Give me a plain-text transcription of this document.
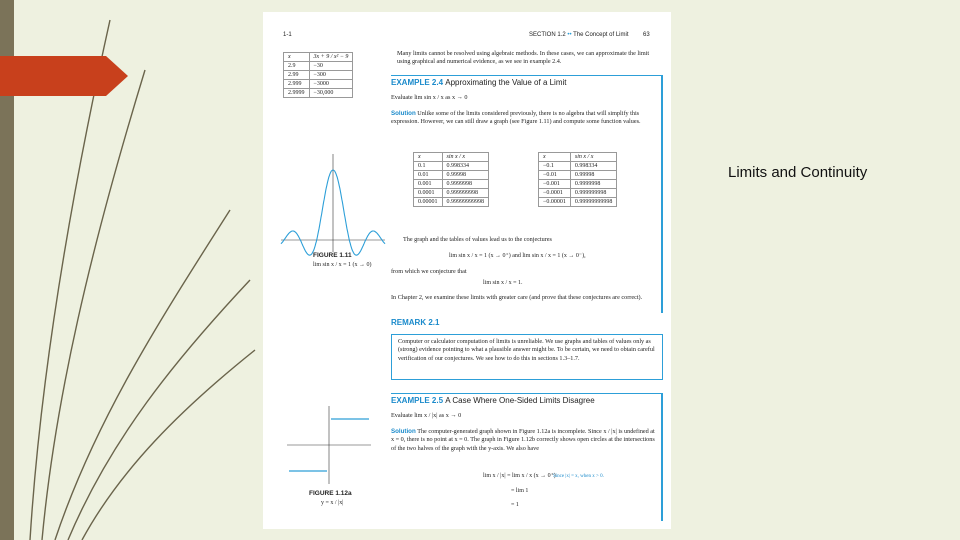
Limits and Continuity
1-1	SECTION 1.2 •• The Concept of Limit 63
x	3x + 9 / x² − 9
2.9	−30
2.99	−300
2.999	−3000
2.9999	−30,000
Many limits cannot be resolved using algebraic methods. In these cases, we can approximate the limit using graphical and numerical evidence, as we see in example 2.4.
EXAMPLE 2.4 Approximating the Value of a Limit
Evaluate lim sin x / x as x → 0
Solution Unlike some of the limits considered previously, there is no algebra that will simplify this expression. However, we can still draw a graph (see Figure 1.11) and compute some function values.
x	sin x / x
0.1	0.998334
0.01	0.99998
0.001	0.9999998
0.0001	0.999999998
0.00001	0.99999999998
x	sin x / x
−0.1	0.998334
−0.01	0.99998
−0.001	0.9999998
−0.0001	0.999999998
−0.00001	0.99999999998
FIGURE 1.11
lim sin x / x = 1 (x → 0)
The graph and the tables of values lead us to the conjectures
lim sin x / x = 1 (x → 0⁺) and lim sin x / x = 1 (x → 0⁻),
from which we conjecture that
lim sin x / x = 1.
In Chapter 2, we examine these limits with greater care (and prove that these conjectures are correct).
REMARK 2.1
Computer or calculator computation of limits is unreliable. We use graphs and tables of values only as (strong) evidence pointing to what a plausible answer might be. To be certain, we need to obtain careful verification of our conjectures. We see how to do this in sections 1.3–1.7.
EXAMPLE 2.5 A Case Where One-Sided Limits Disagree
Evaluate lim x / |x| as x → 0
Solution The computer-generated graph shown in Figure 1.12a is incomplete. Since x / |x| is undefined at x = 0, there is no point at x = 0. The graph in Figure 1.12b correctly shows open circles at the intersections of the two halves of the graph with the y-axis. We also have
lim x / |x| = lim x / x (x → 0⁺)
= lim 1
= 1
Since |x| = x, when x > 0.
FIGURE 1.12a
y = x / |x|
